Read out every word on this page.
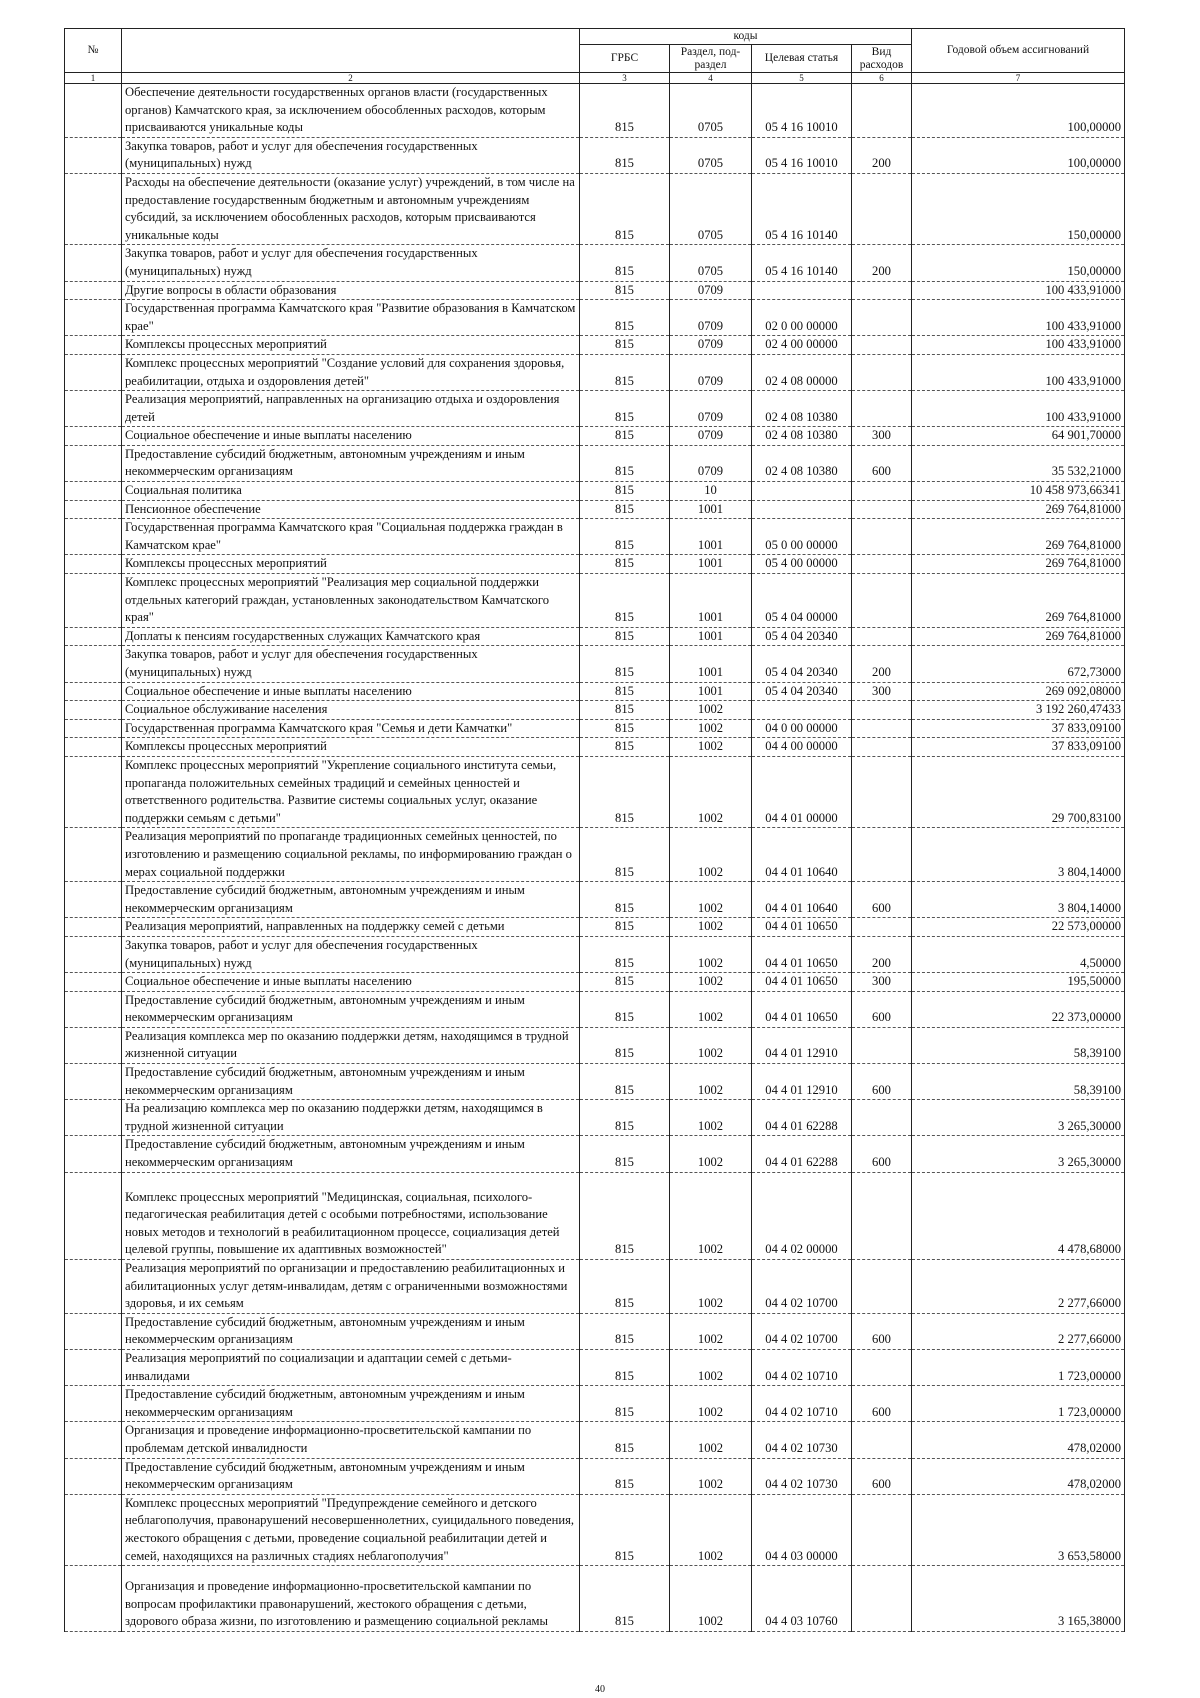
№		коды				Годовой объем ассигнований
		ГРБС	Раздел, под-раздел	Целевая статья	Вид расходов	
1	2	3	4	5	6	7
	Обеспечение деятельности государственных органов власти (государственных органов) Камчатского края, за исключением обособленных расходов, которым присваиваются уникальные коды	815	0705	05 4 16 10010		100,00000
	Закупка товаров, работ и услуг для обеспечения государственных (муниципальных) нужд	815	0705	05 4 16 10010	200	100,00000
	Расходы на обеспечение деятельности (оказание услуг) учреждений, в том числе на предоставление государственным бюджетным и автономным учреждениям субсидий, за исключением обособленных расходов, которым присваиваются уникальные коды	815	0705	05 4 16 10140		150,00000
	Закупка товаров, работ и услуг для обеспечения государственных (муниципальных) нужд	815	0705	05 4 16 10140	200	150,00000
	Другие вопросы в области образования	815	0709			100 433,91000
	Государственная программа Камчатского края "Развитие образования в Камчатском крае"	815	0709	02 0 00 00000		100 433,91000
	Комплексы процессных мероприятий	815	0709	02 4 00 00000		100 433,91000
	Комплекс процессных мероприятий "Создание условий для сохранения здоровья, реабилитации, отдыха и оздоровления детей"	815	0709	02 4 08 00000		100 433,91000
	Реализация мероприятий, направленных на организацию отдыха и оздоровления детей	815	0709	02 4 08 10380		100 433,91000
	Социальное обеспечение и иные выплаты населению	815	0709	02 4 08 10380	300	64 901,70000
	Предоставление субсидий бюджетным, автономным учреждениям и иным некоммерческим организациям	815	0709	02 4 08 10380	600	35 532,21000
	Социальная политика	815	10			10 458 973,66341
	Пенсионное обеспечение	815	1001			269 764,81000
	Государственная программа Камчатского края "Социальная поддержка граждан в Камчатском крае"	815	1001	05 0 00 00000		269 764,81000
	Комплексы процессных мероприятий	815	1001	05 4 00 00000		269 764,81000
	Комплекс процессных мероприятий "Реализация мер социальной поддержки отдельных категорий граждан, установленных законодательством Камчатского края"	815	1001	05 4 04 00000		269 764,81000
	Доплаты к пенсиям государственных служащих Камчатского края	815	1001	05 4 04 20340		269 764,81000
	Закупка товаров, работ и услуг для обеспечения государственных (муниципальных) нужд	815	1001	05 4 04 20340	200	672,73000
	Социальное обеспечение и иные выплаты населению	815	1001	05 4 04 20340	300	269 092,08000
	Социальное обслуживание населения	815	1002			3 192 260,47433
	Государственная программа Камчатского края "Семья и дети Камчатки"	815	1002	04 0 00 00000		37 833,09100
	Комплексы процессных мероприятий	815	1002	04 4 00 00000		37 833,09100
	Комплекс процессных мероприятий "Укрепление социального института семьи, пропаганда положительных семейных традиций и семейных ценностей и ответственного родительства. Развитие системы социальных услуг, оказание поддержки семьям с детьми"	815	1002	04 4 01 00000		29 700,83100
	Реализация мероприятий по пропаганде традиционных семейных ценностей, по изготовлению и размещению социальной рекламы, по информированию граждан о мерах социальной поддержки	815	1002	04 4 01 10640		3 804,14000
	Предоставление субсидий бюджетным, автономным учреждениям и иным некоммерческим организациям	815	1002	04 4 01 10640	600	3 804,14000
	Реализация мероприятий, направленных на поддержку семей с детьми	815	1002	04 4 01 10650		22 573,00000
	Закупка товаров, работ и услуг для обеспечения государственных (муниципальных) нужд	815	1002	04 4 01 10650	200	4,50000
	Социальное обеспечение и иные выплаты населению	815	1002	04 4 01 10650	300	195,50000
	Предоставление субсидий бюджетным, автономным учреждениям и иным некоммерческим организациям	815	1002	04 4 01 10650	600	22 373,00000
	Реализация комплекса мер по оказанию поддержки детям, находящимся в трудной жизненной ситуации	815	1002	04 4 01 12910		58,39100
	Предоставление субсидий бюджетным, автономным учреждениям и иным некоммерческим организациям	815	1002	04 4 01 12910	600	58,39100
	На реализацию комплекса мер по оказанию поддержки детям, находящимся в трудной жизненной ситуации	815	1002	04 4 01 62288		3 265,30000
	Предоставление субсидий бюджетным, автономным учреждениям и иным некоммерческим организациям	815	1002	04 4 01 62288	600	3 265,30000
	Комплекс процессных мероприятий "Медицинская, социальная, психолого-педагогическая реабилитация детей с особыми потребностями, использование новых методов и технологий в реабилитационном процессе, социализация детей целевой группы, повышение их адаптивных возможностей"	815	1002	04 4 02 00000		4 478,68000
	Реализация мероприятий по организации и предоставлению реабилитационных и абилитационных услуг детям-инвалидам, детям с ограниченными возможностями здоровья, и их семьям	815	1002	04 4 02 10700		2 277,66000
	Предоставление субсидий бюджетным, автономным учреждениям и иным некоммерческим организациям	815	1002	04 4 02 10700	600	2 277,66000
	Реализация мероприятий по социализации и адаптации семей с детьми-инвалидами	815	1002	04 4 02 10710		1 723,00000
	Предоставление субсидий бюджетным, автономным учреждениям и иным некоммерческим организациям	815	1002	04 4 02 10710	600	1 723,00000
	Организация и проведение информационно-просветительской кампании по проблемам детской инвалидности	815	1002	04 4 02 10730		478,02000
	Предоставление субсидий бюджетным, автономным учреждениям и иным некоммерческим организациям	815	1002	04 4 02 10730	600	478,02000
	Комплекс процессных мероприятий "Предупреждение семейного и детского неблагополучия, правонарушений несовершеннолетних, суицидального поведения, жестокого обращения с детьми, проведение социальной реабилитации детей и семей, находящихся на различных стадиях неблагополучия"	815	1002	04 4 03 00000		3 653,58000
	Организация и проведение информационно-просветительской кампании по вопросам профилактики правонарушений, жестокого обращения с детьми, здорового образа жизни, по изготовлению и размещению социальной рекламы	815	1002	04 4 03 10760		3 165,38000
40
